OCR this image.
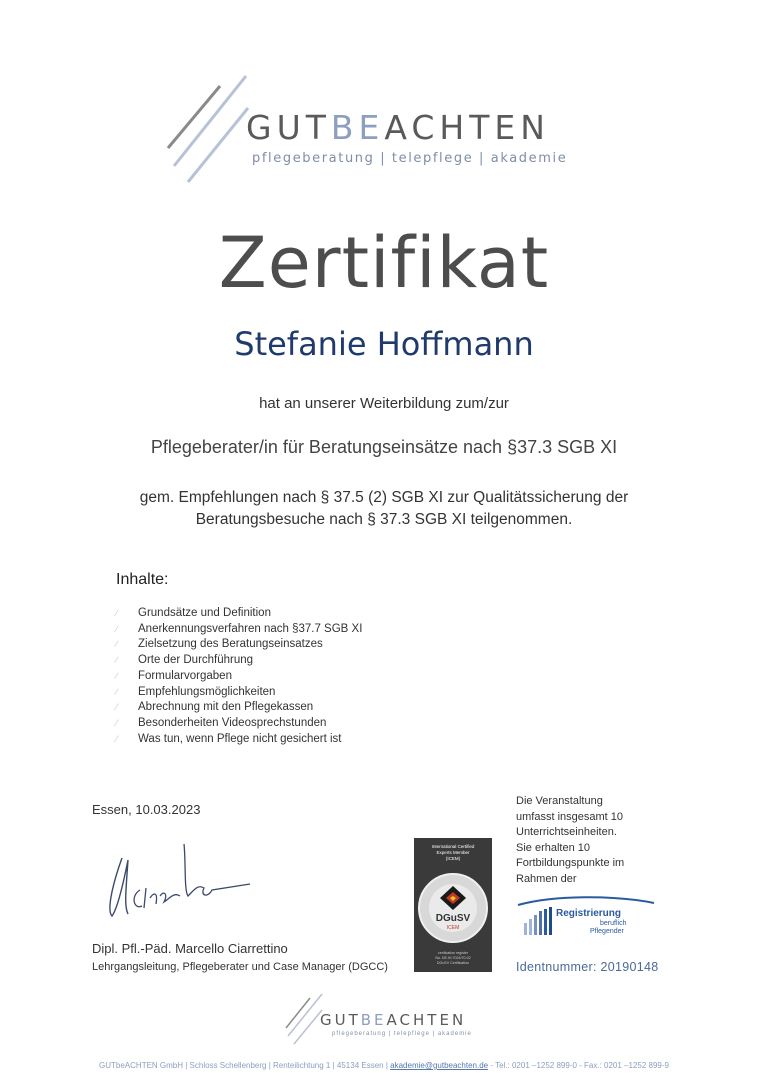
GUTBEACHTEN
pflegeberatung | telepflege | akademie
Zertifikat
Stefanie Hoffmann
hat an unserer Weiterbildung zum/zur
Pflegeberater/in für Beratungseinsätze nach §37.3 SGB XI
gem. Empfehlungen nach § 37.5 (2) SGB XI zur Qualitätssicherung der
Beratungsbesuche nach § 37.3 SGB XI teilgenommen.
Inhalte:
⁄ Grundsätze und Definition
⁄ Anerkennungsverfahren nach §37.7 SGB XI
⁄ Zielsetzung des Beratungseinsatzes
⁄ Orte der Durchführung
⁄ Formularvorgaben
⁄ Empfehlungsmöglichkeiten
⁄ Abrechnung mit den Pflegekassen
⁄ Besonderheiten Videosprechstunden
⁄ Was tun, wenn Pflege nicht gesichert ist
Essen, 10.03.2023
Dipl. Pfl.-Päd. Marcello Ciarrettino
Lehrgangsleitung, Pflegeberater und Case Manager (DGCC)
International Certified
Experts Member
(ICEM)
DGuSV
ICEM
verification register
No. DE.IH.7024/70-02
DGuSV Certification
Die Veranstaltung
umfasst insgesamt 10
Unterrichtseinheiten.
Sie erhalten 10
Fortbildungspunkte im
Rahmen der
Registrierung
beruflich
Pflegender
Identnummer: 20190148
GUTBEACHTEN
pflegeberatung | telepflege | akademie
GUTbeACHTEN GmbH | Schloss Schellenberg | Renteilichtung 1 | 45134 Essen | akademie@gutbeachten.de - Tel.: 0201 –1252 899-0 - Fax.: 0201 –1252 899-9
